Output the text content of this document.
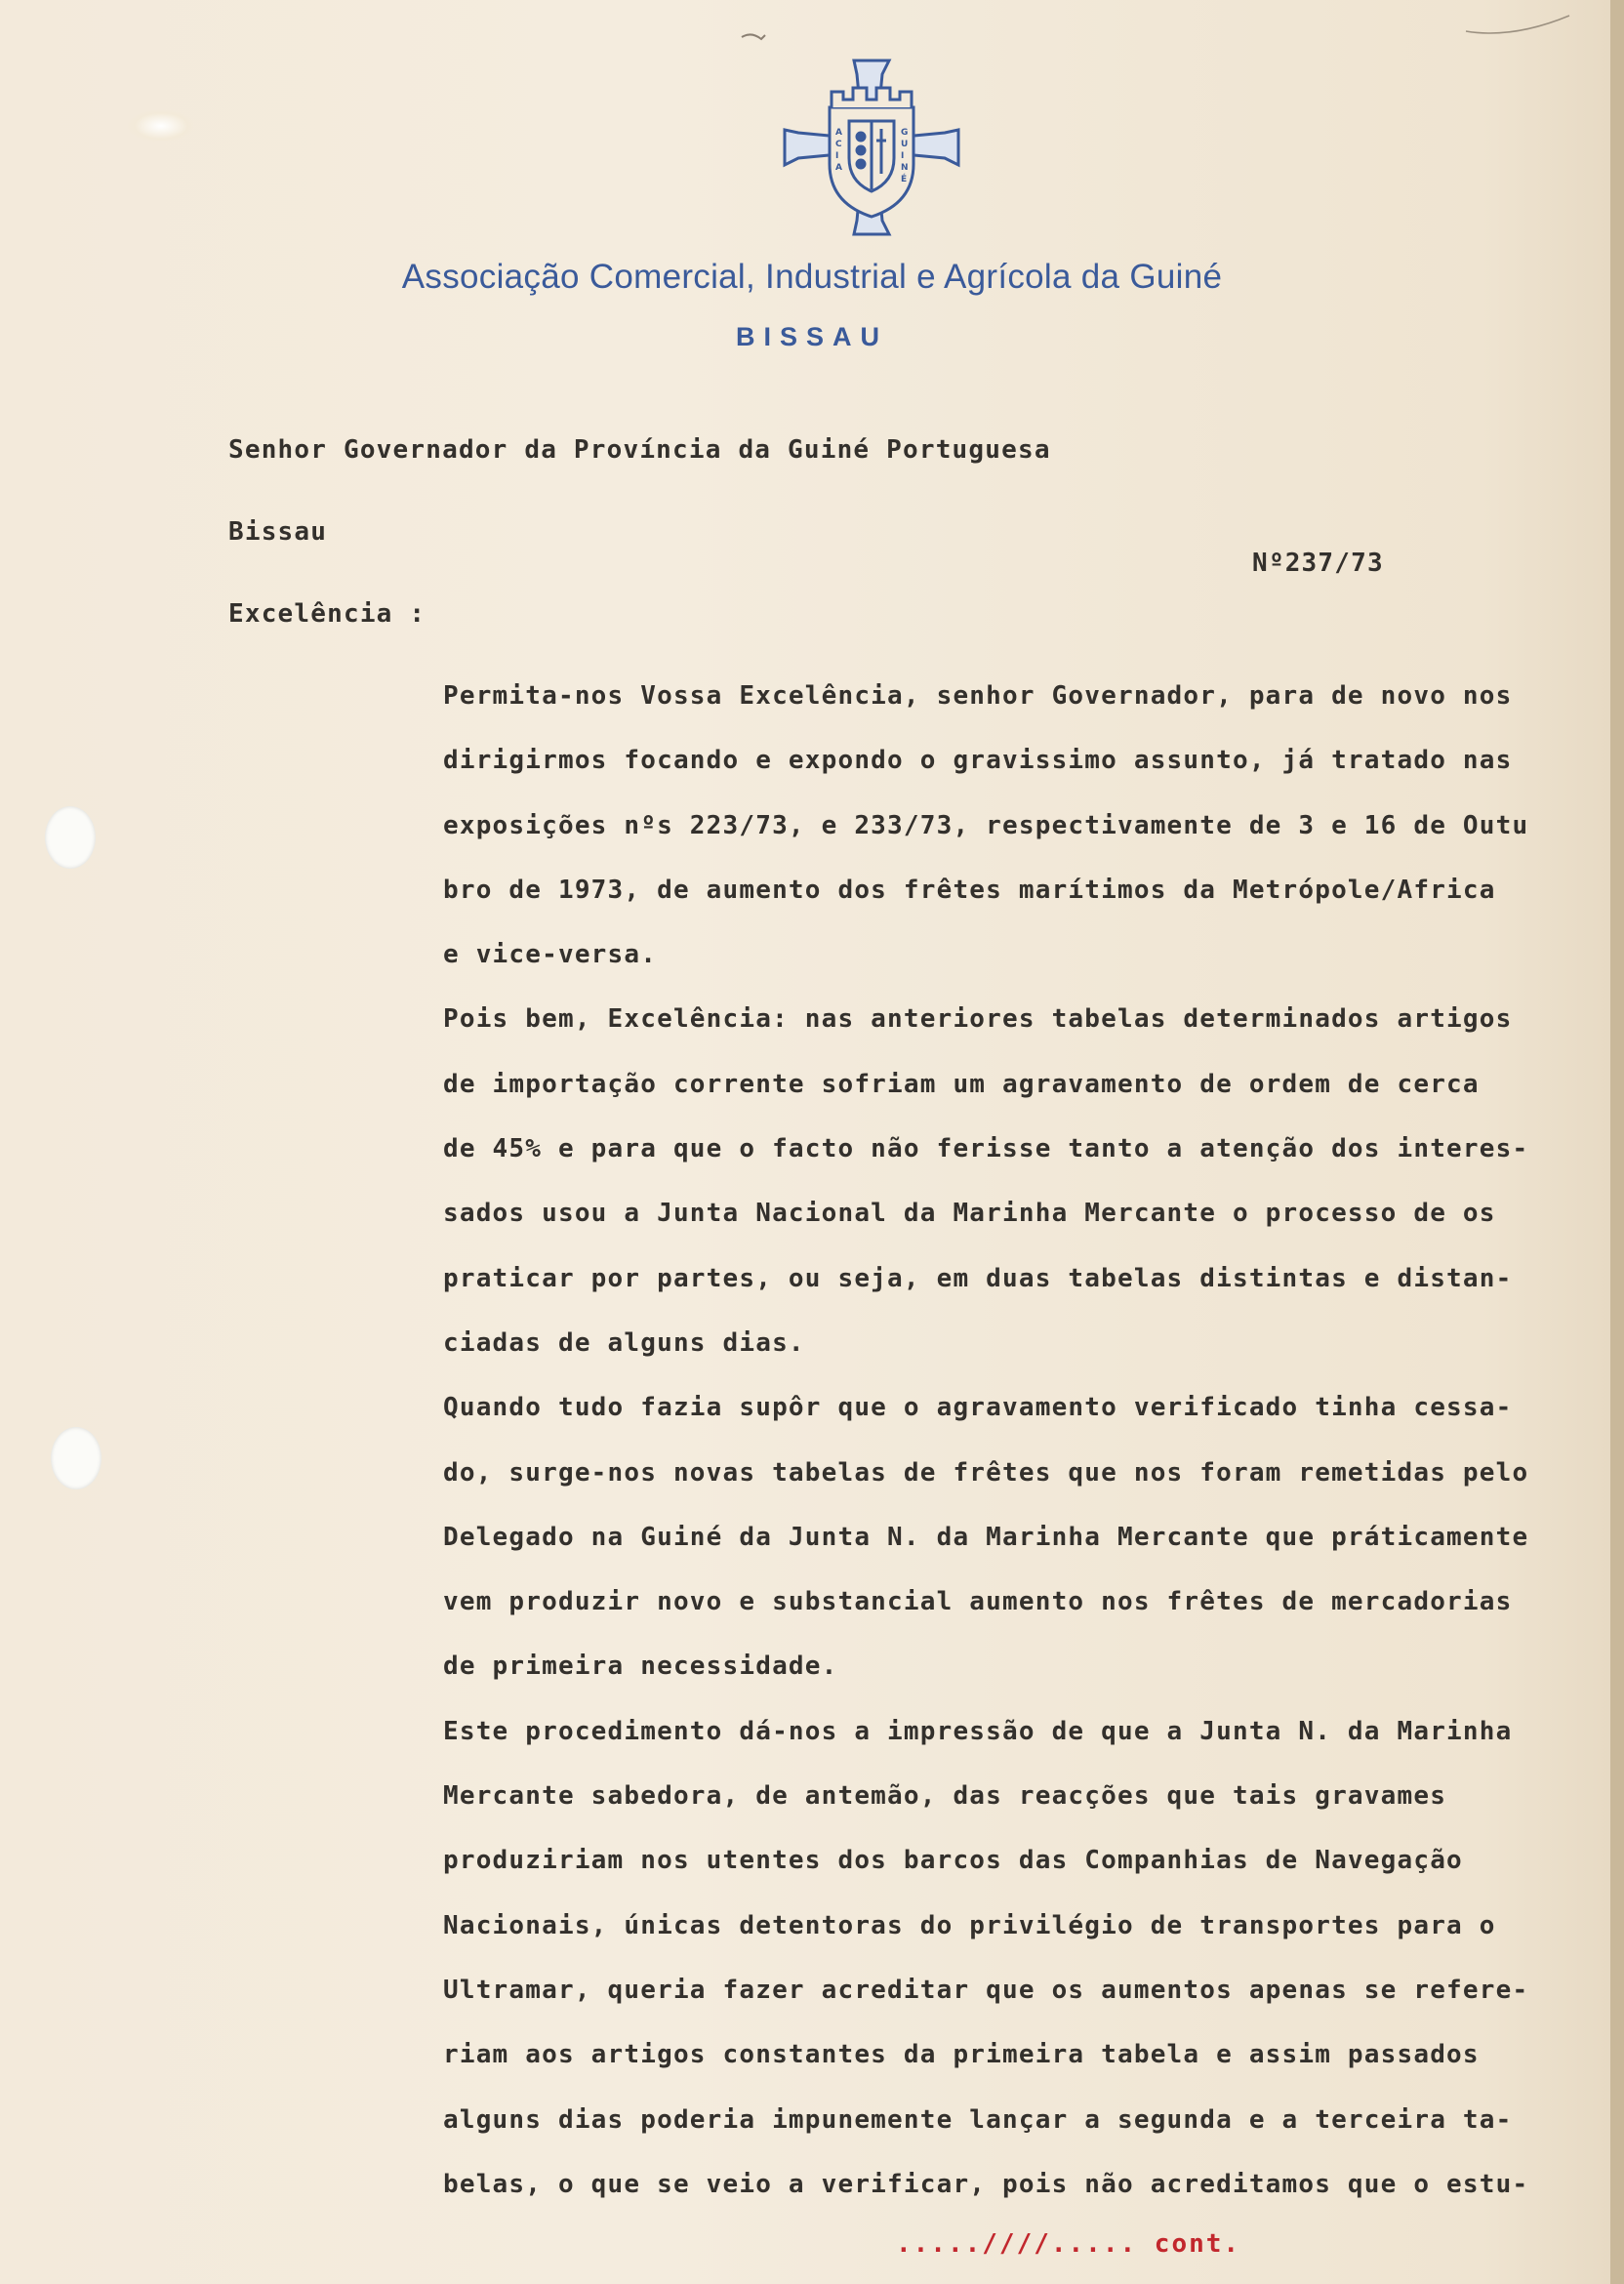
A
C
I
A
G
U
I
N
É
Associação Comercial, Industrial e Agrícola da Guiné
BISSAU
Senhor Governador da Província da Guiné Portuguesa
Bissau
Nº237/73
Excelência :
Permita-nos Vossa Excelência, senhor Governador, para de novo nos
dirigirmos focando e expondo o gravissimo assunto, já tratado nas
exposições nºs 223/73, e 233/73, respectivamente de 3 e 16 de Outu
bro de 1973, de aumento dos frêtes marítimos da Metrópole/Africa
e vice-versa.
Pois bem, Excelência: nas anteriores tabelas determinados artigos
de importação corrente sofriam um agravamento de ordem de cerca
de 45% e para que o facto não ferisse tanto a atenção dos interes-
sados usou a Junta Nacional da Marinha Mercante o processo de os
praticar por partes, ou seja, em duas tabelas distintas e distan-
ciadas de alguns dias.
Quando tudo fazia supôr que o agravamento verificado tinha cessa-
do, surge-nos novas tabelas de frêtes que nos foram remetidas pelo
Delegado na Guiné da Junta N. da Marinha Mercante que práticamente
vem produzir novo e substancial aumento nos frêtes de mercadorias
de primeira necessidade.
Este procedimento dá-nos a impressão de que a Junta N. da Marinha
Mercante sabedora, de antemão, das reacções que tais gravames
produziriam nos utentes dos barcos das Companhias de Navegação
Nacionais, únicas detentoras do privilégio de transportes para o
Ultramar, queria fazer acreditar que os aumentos apenas se refere-
riam aos artigos constantes da primeira tabela e assim passados
alguns dias poderia impunemente lançar a segunda e a terceira ta-
belas, o que se veio a verificar, pois não acreditamos que o estu-
.....////..... cont.
